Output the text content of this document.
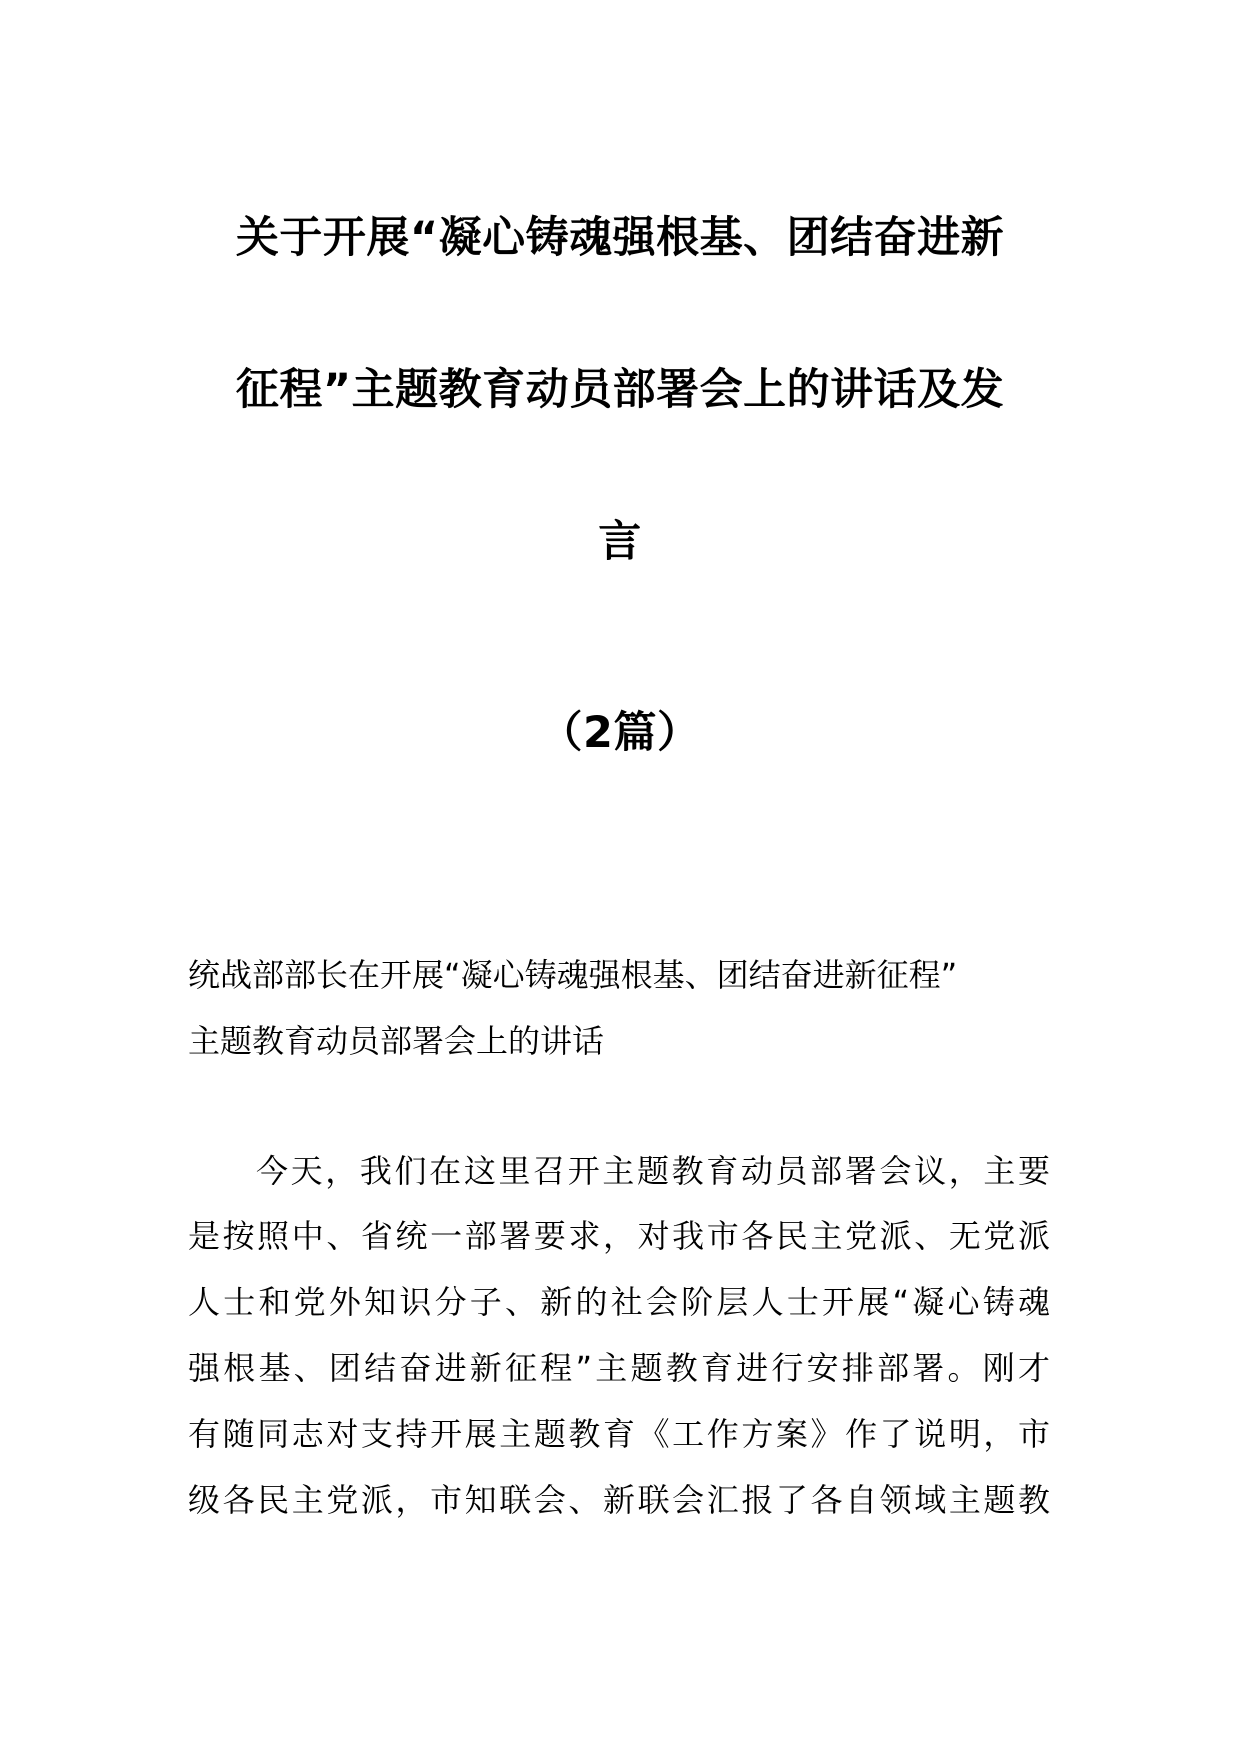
关于开展“凝心铸魂强根基、团结奋进新
征程”主题教育动员部署会上的讲话及发
言
（2篇）
统战部部长在开展“凝心铸魂强根基、团结奋进新征程”
主题教育动员部署会上的讲话
今天，我们在这里召开主题教育动员部署会议，主要
是按照中、省统一部署要求，对我市各民主党派、无党派
人士和党外知识分子、新的社会阶层人士开展“凝心铸魂
强根基、团结奋进新征程”主题教育进行安排部署。刚才
有随同志对支持开展主题教育《工作方案》作了说明，市
级各民主党派，市知联会、新联会汇报了各自领域主题教
